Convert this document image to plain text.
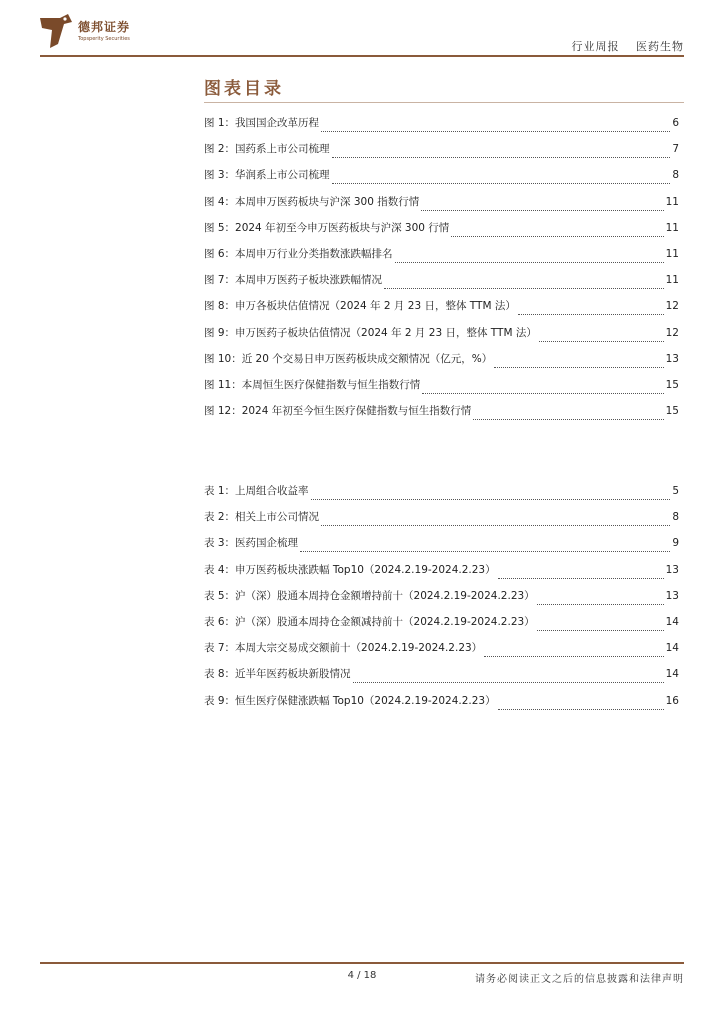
德邦证券
Topsperity Securities
行业周报 医药生物
图表目录
图 1：我国国企改革历程	6
图 2：国药系上市公司梳理	7
图 3：华润系上市公司梳理	8
图 4：本周申万医药板块与沪深 300 指数行情	11
图 5：2024 年初至今申万医药板块与沪深 300 行情	11
图 6：本周申万行业分类指数涨跌幅排名	11
图 7：本周申万医药子板块涨跌幅情况	11
图 8：申万各板块估值情况（2024 年 2 月 23 日，整体 TTM 法）	12
图 9：申万医药子板块估值情况（2024 年 2 月 23 日，整体 TTM 法）	12
图 10：近 20 个交易日申万医药板块成交额情况（亿元，%）	13
图 11：本周恒生医疗保健指数与恒生指数行情	15
图 12：2024 年初至今恒生医疗保健指数与恒生指数行情	15
表 1：上周组合收益率	5
表 2：相关上市公司情况	8
表 3：医药国企梳理	9
表 4：申万医药板块涨跌幅 Top10（2024.2.19-2024.2.23）	13
表 5：沪（深）股通本周持仓金额增持前十（2024.2.19-2024.2.23）	13
表 6：沪（深）股通本周持仓金额减持前十（2024.2.19-2024.2.23）	14
表 7：本周大宗交易成交额前十（2024.2.19-2024.2.23）	14
表 8：近半年医药板块新股情况	14
表 9：恒生医疗保健涨跌幅 Top10（2024.2.19-2024.2.23）	16
4 / 18	请务必阅读正文之后的信息披露和法律声明
